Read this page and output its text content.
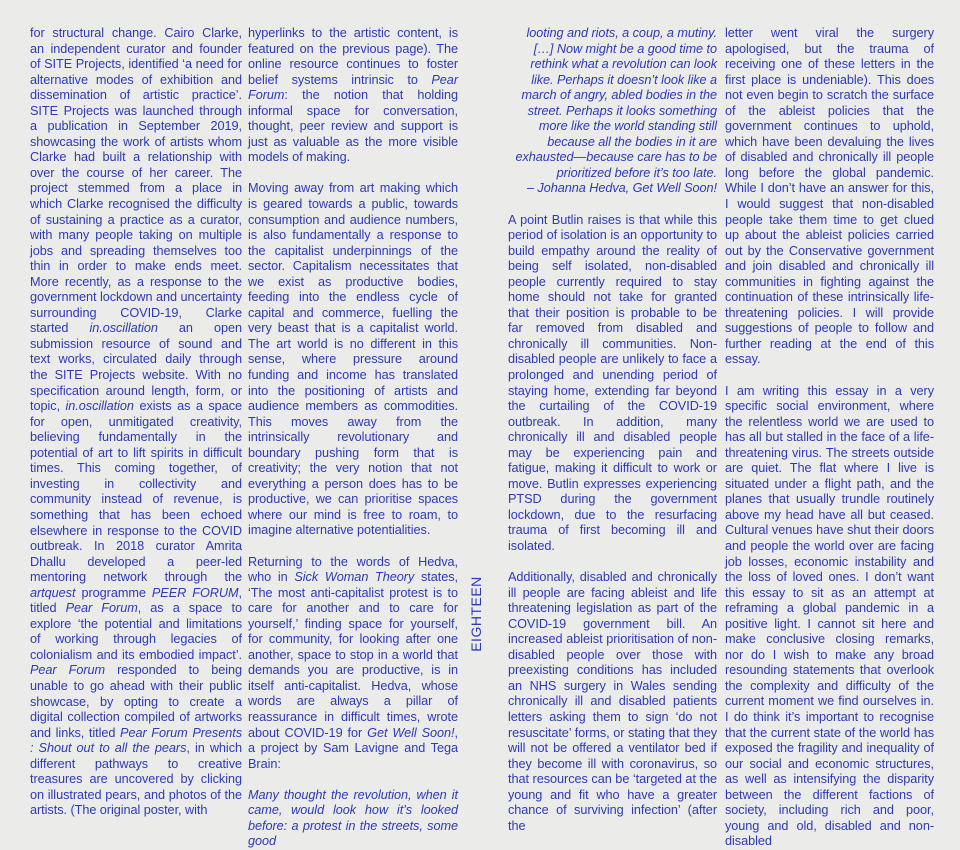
for structural change. Cairo Clarke, an independent curator and founder of SITE Projects, identified ‘a need for alternative modes of exhibition and dissemination of artistic practice’. SITE Projects was launched through a publication in September 2019, showcasing the work of artists whom Clarke had built a relationship with over the course of her career. The project stemmed from a place in which Clarke recognised the difficulty of sustaining a practice as a curator, with many people taking on multiple jobs and spreading themselves too thin in order to make ends meet. More recently, as a response to the government lockdown and uncertainty surrounding COVID-19, Clarke started in.oscillation an open submission resource of sound and text works, circulated daily through the SITE Projects website. With no specification around length, form, or topic, in.oscillation exists as a space for open, unmitigated creativity, believing fundamentally in the potential of art to lift spirits in difficult times. This coming together, of investing in collectivity and community instead of revenue, is something that has been echoed elsewhere in response to the COVID outbreak. In 2018 curator Amrita Dhallu developed a peer-led mentoring network through the artquest programme PEER FORUM, titled Pear Forum, as a space to explore ‘the potential and limitations of working through legacies of colonialism and its embodied impact’. Pear Forum responded to being unable to go ahead with their public showcase, by opting to create a digital collection compiled of artworks and links, titled Pear Forum Presents : Shout out to all the pears, in which different pathways to creative treasures are uncovered by clicking on illustrated pears, and photos of the artists. (The original poster, with

hyperlinks to the artistic content, is featured on the previous page). The online resource continues to foster belief systems intrinsic to Pear Forum: the notion that holding informal space for conversation, thought, peer review and support is just as valuable as the more visible models of making.

Moving away from art making which is geared towards a public, towards consumption and audience numbers, is also fundamentally a response to the capitalist underpinnings of the sector. Capitalism necessitates that we exist as productive bodies, feeding into the endless cycle of capital and commerce, fuelling the very beast that is a capitalist world. The art world is no different in this sense, where pressure around funding and income has translated into the positioning of artists and audience members as commodities. This moves away from the intrinsically revolutionary and boundary pushing form that is creativity; the very notion that not everything a person does has to be productive, we can prioritise spaces where our mind is free to roam, to imagine alternative potentialities.

Returning to the words of Hedva, who in Sick Woman Theory states, ‘The most anti-capitalist protest is to care for another and to care for yourself,’ finding space for yourself, for community, for looking after one another, space to stop in a world that demands you are productive, is in itself anti-capitalist. Hedva, whose words are always a pillar of reassurance in difficult times, wrote about COVID-19 for Get Well Soon!, a project by Sam Lavigne and Tega Brain:

Many thought the revolution, when it came, would look how it’s looked before: a protest in the streets, some good

EIGHTEEN

looting and riots, a coup, a mutiny. […] Now might be a good time to rethink what a revolution can look like. Perhaps it doesn’t look like a march of angry, abled bodies in the street. Perhaps it looks something more like the world standing still because all the bodies in it are exhausted—because care has to be prioritized before it’s too late.
– Johanna Hedva, Get Well Soon!

A point Butlin raises is that while this period of isolation is an opportunity to build empathy around the reality of being self isolated, non-disabled people currently required to stay home should not take for granted that their position is probable to be far removed from disabled and chronically ill communities. Non-disabled people are unlikely to face a prolonged and unending period of staying home, extending far beyond the curtailing of the COVID-19 outbreak. In addition, many chronically ill and disabled people may be experiencing pain and fatigue, making it difficult to work or move. Butlin expresses experiencing PTSD during the government lockdown, due to the resurfacing trauma of first becoming ill and isolated.

Additionally, disabled and chronically ill people are facing ableist and life threatening legislation as part of the COVID-19 government bill. An increased ableist prioritisation of non-disabled people over those with preexisting conditions has included an NHS surgery in Wales sending chronically ill and disabled patients letters asking them to sign ‘do not resuscitate’ forms, or stating that they will not be offered a ventilator bed if they become ill with coronavirus, so that resources can be ‘targeted at the young and fit who have a greater chance of surviving infection’ (after the

letter went viral the surgery apologised, but the trauma of receiving one of these letters in the first place is undeniable). This does not even begin to scratch the surface of the ableist policies that the government continues to uphold, which have been devaluing the lives of disabled and chronically ill people long before the global pandemic. While I don’t have an answer for this, I would suggest that non-disabled people take them time to get clued up about the ableist policies carried out by the Conservative government and join disabled and chronically ill communities in fighting against the continuation of these intrinsically life-threatening policies. I will provide suggestions of people to follow and further reading at the end of this essay.

I am writing this essay in a very specific social environment, where the relentless world we are used to has all but stalled in the face of a life-threatening virus. The streets outside are quiet. The flat where I live is situated under a flight path, and the planes that usually trundle routinely above my head have all but ceased. Cultural venues have shut their doors and people the world over are facing job losses, economic instability and the loss of loved ones. I don’t want this essay to sit as an attempt at reframing a global pandemic in a positive light. I cannot sit here and make conclusive closing remarks, nor do I wish to make any broad resounding statements that overlook the complexity and difficulty of the current moment we find ourselves in. I do think it’s important to recognise that the current state of the world has exposed the fragility and inequality of our social and economic structures, as well as intensifying the disparity between the different factions of society, including rich and poor, young and old, disabled and non-disabled
